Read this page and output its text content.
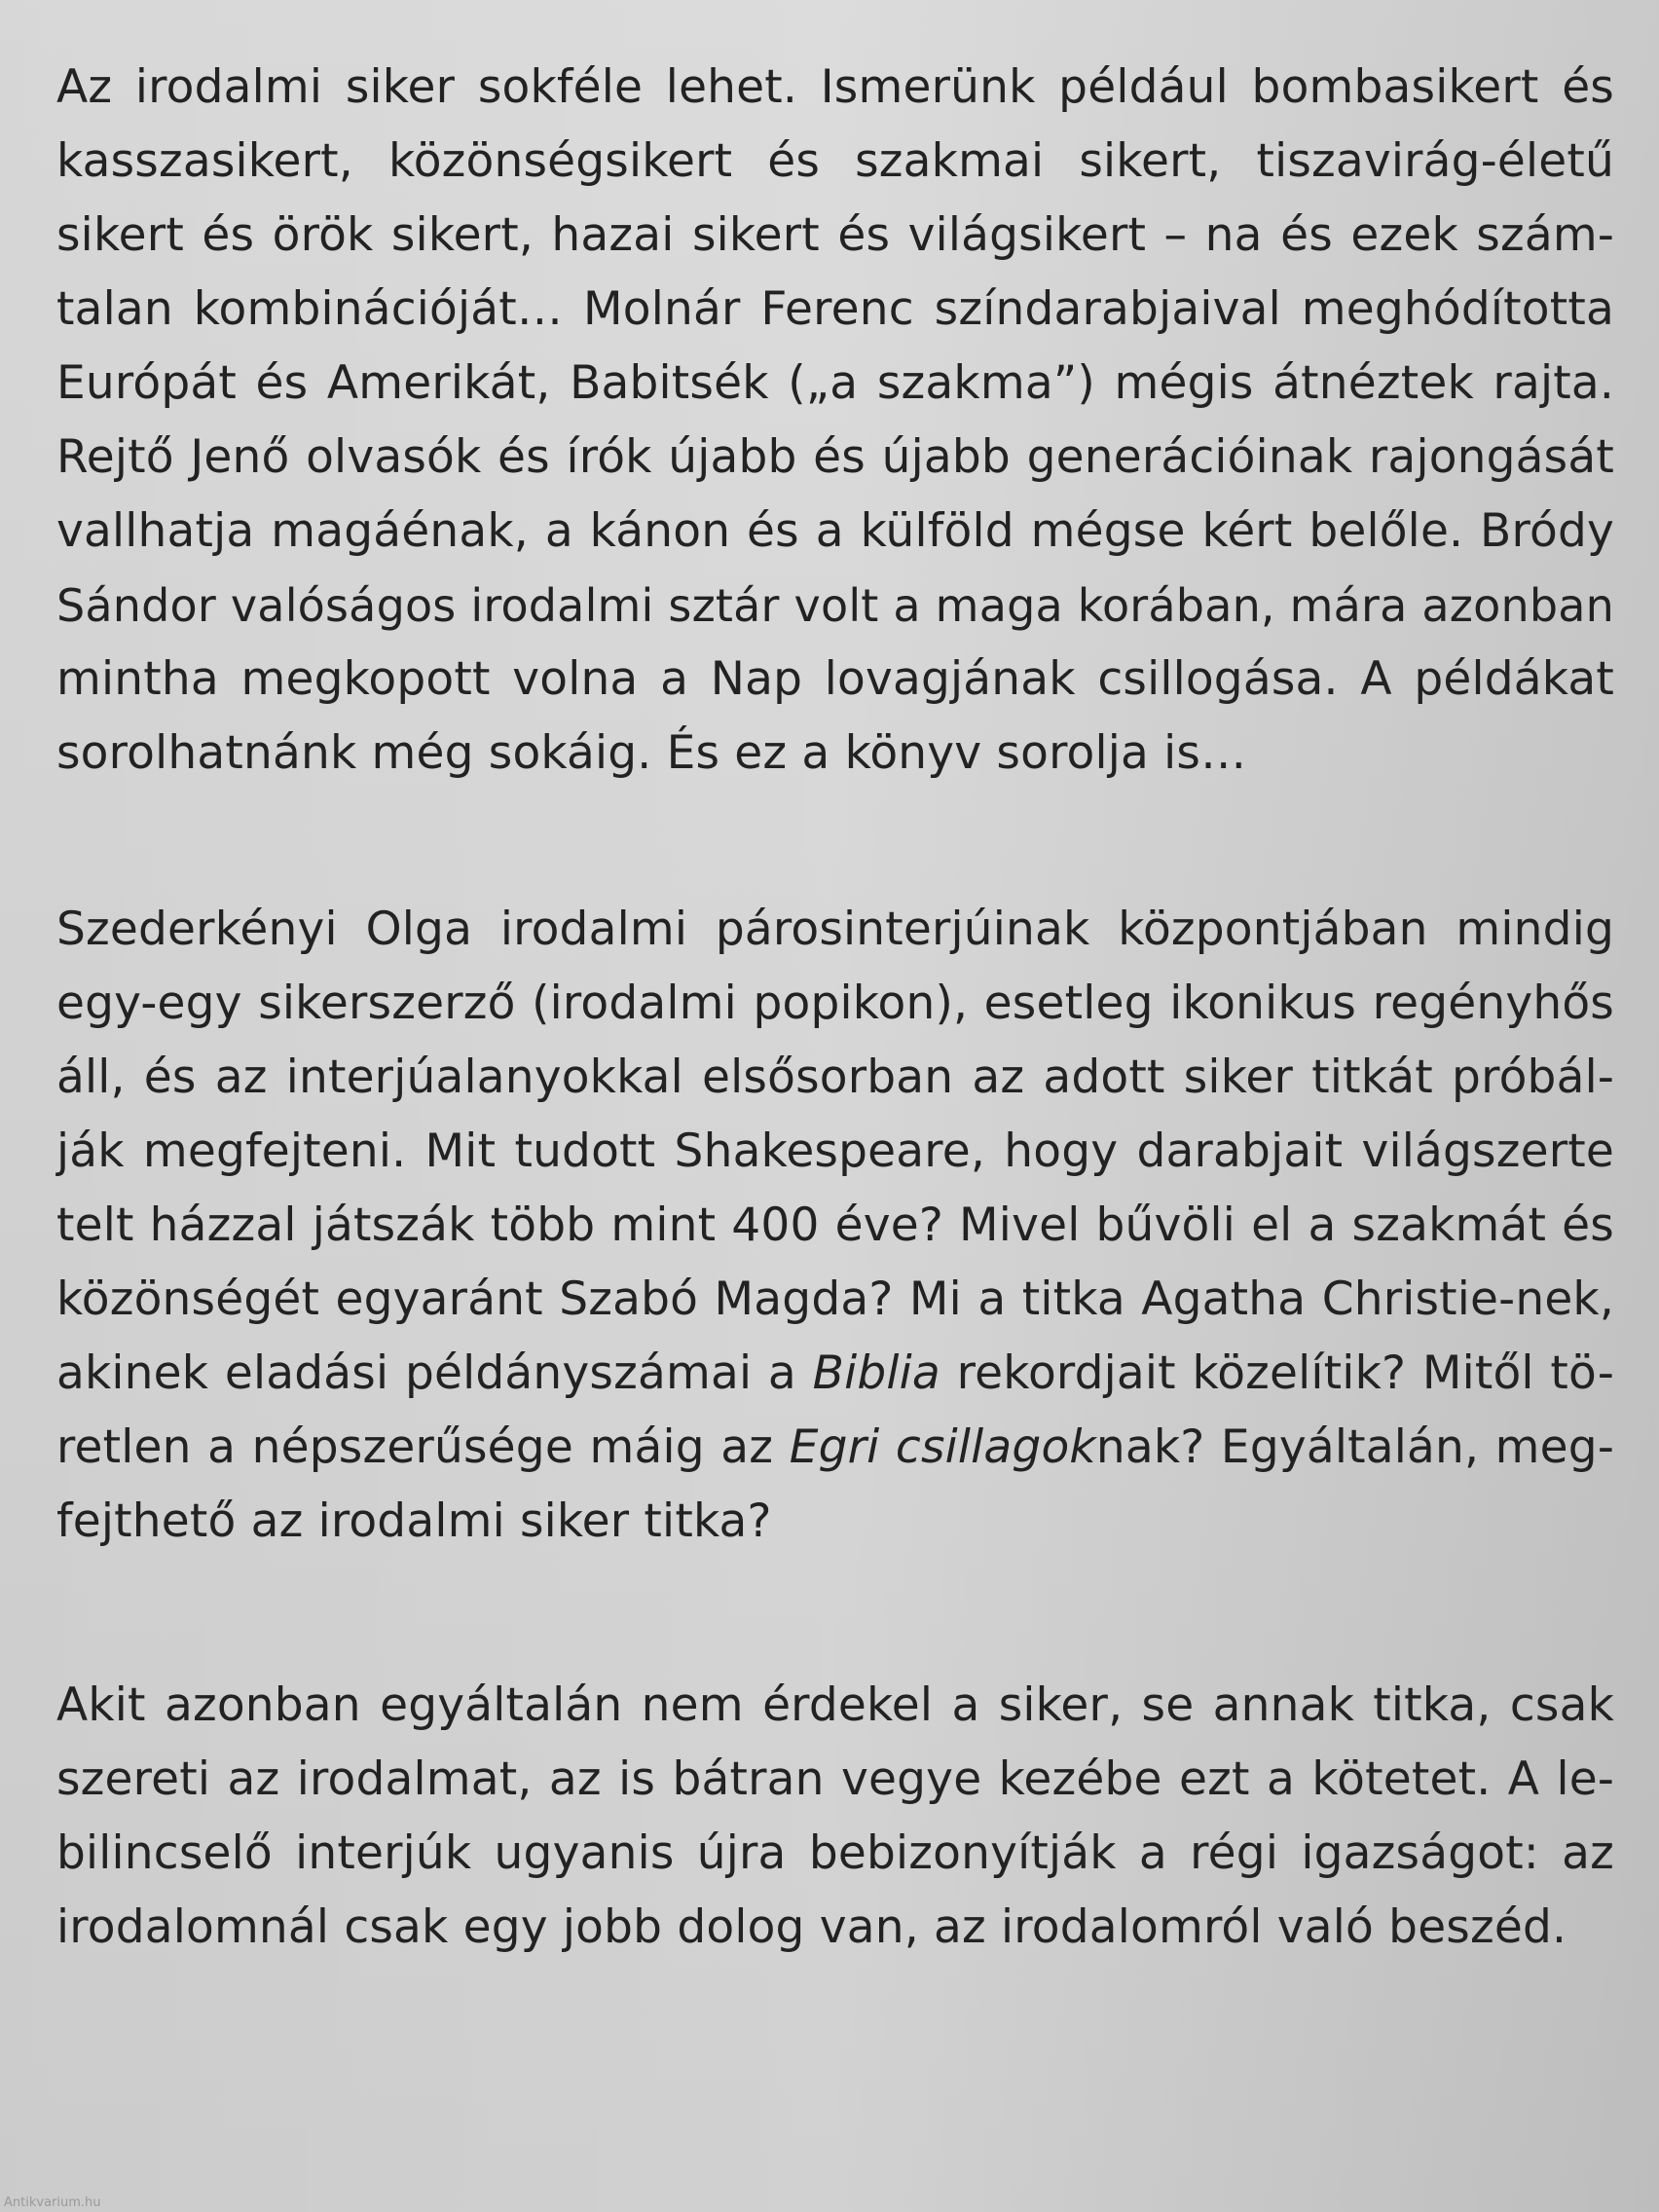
Az irodalmi siker sokféle lehet. Ismerünk például bombasikert és
kasszasikert, közönségsikert és szakmai sikert, tiszavirág-életű
sikert és örök sikert, hazai sikert és világsikert – na és ezek szám-
talan kombinációját… Molnár Ferenc színdarabjaival meghódította
Európát és Amerikát, Babitsék („a szakma”) mégis átnéztek rajta.
Rejtő Jenő olvasók és írók újabb és újabb generációinak rajongását
vallhatja magáénak, a kánon és a külföld mégse kért belőle. Bródy
Sándor valóságos irodalmi sztár volt a maga korában, mára azonban
mintha megkopott volna a Nap lovagjának csillogása. A példákat
sorolhatnánk még sokáig. És ez a könyv sorolja is…
Szederkényi Olga irodalmi párosinterjúinak központjában mindig
egy-egy sikerszerző (irodalmi popikon), esetleg ikonikus regényhős
áll, és az interjúalanyokkal elsősorban az adott siker titkát próbál-
ják megfejteni. Mit tudott Shakespeare, hogy darabjait világszerte
telt házzal játszák több mint 400 éve? Mivel bűvöli el a szakmát és
közönségét egyaránt Szabó Magda? Mi a titka Agatha Christie-nek,
akinek eladási példányszámai a Biblia rekordjait közelítik? Mitől tö-
retlen a népszerűsége máig az Egri csillagoknak? Egyáltalán, meg-
fejthető az irodalmi siker titka?
Akit azonban egyáltalán nem érdekel a siker, se annak titka, csak
szereti az irodalmat, az is bátran vegye kezébe ezt a kötetet. A le-
bilincselő interjúk ugyanis újra bebizonyítják a régi igazságot: az
irodalomnál csak egy jobb dolog van, az irodalomról való beszéd.
Antikvarium.hu
